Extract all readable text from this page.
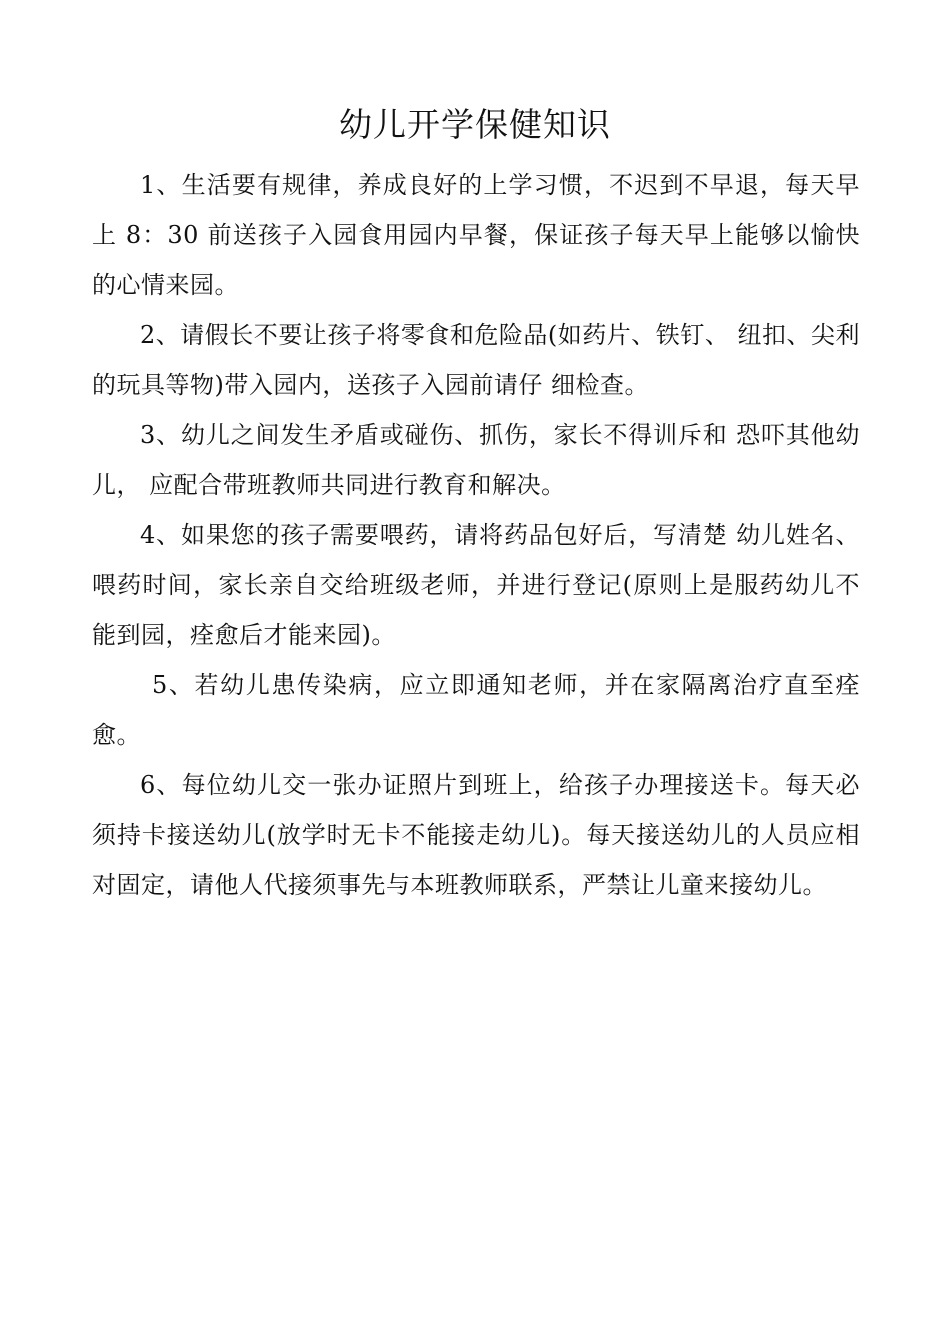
幼儿开学保健知识

1、生活要有规律，养成良好的上学习惯，不迟到不早退，每天早上 8：30 前送孩子入园食用园内早餐，保证孩子每天早上能够以愉快的心情来园。

2、请假长不要让孩子将零食和危险品(如药片、铁钉、 纽扣、尖利的玩具等物)带入园内，送孩子入园前请仔 细检查。

3、幼儿之间发生矛盾或碰伤、抓伤，家长不得训斥和 恐吓其他幼儿， 应配合带班教师共同进行教育和解决。

4、如果您的孩子需要喂药，请将药品包好后，写清楚 幼儿姓名、喂药时间，家长亲自交给班级老师，并进行登记(原则上是服药幼儿不能到园，痊愈后才能来园)。

5、若幼儿患传染病，应立即通知老师，并在家隔离治疗直至痊愈。

6、每位幼儿交一张办证照片到班上，给孩子办理接送卡。每天必 须持卡接送幼儿(放学时无卡不能接走幼儿)。每天接送幼儿的人员应相对固定，请他人代接须事先与本班教师联系，严禁让儿童来接幼儿。
